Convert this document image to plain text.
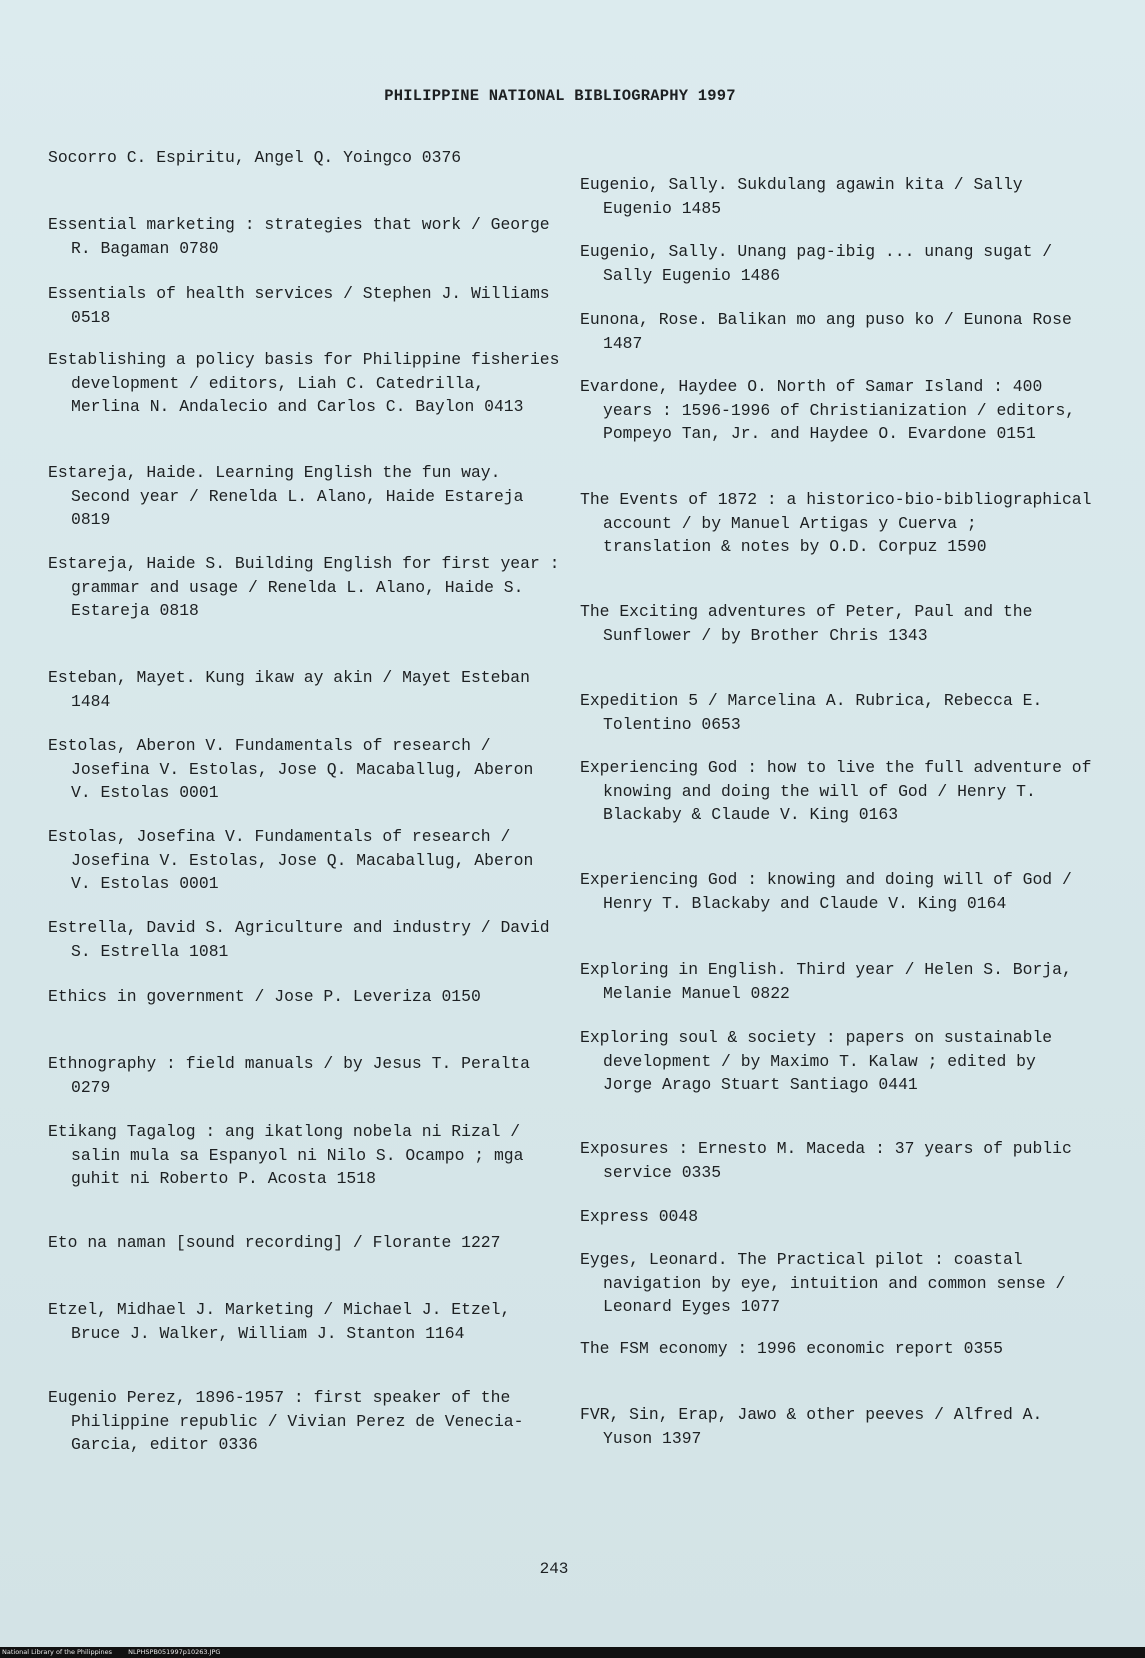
PHILIPPINE NATIONAL BIBLIOGRAPHY 1997
Socorro C. Espiritu, Angel Q. Yoingco 0376
Essential marketing : strategies that work / George R. Bagaman 0780
Essentials of health services / Stephen J. Williams 0518
Establishing a policy basis for Philippine fisheries development / editors, Liah C. Catedrilla, Merlina N. Andalecio and Carlos C. Baylon 0413
Estareja, Haide. Learning English the fun way. Second year / Renelda L. Alano, Haide Estareja 0819
Estareja, Haide S. Building English for first year : grammar and usage / Renelda L. Alano, Haide S. Estareja 0818
Esteban, Mayet. Kung ikaw ay akin / Mayet Esteban 1484
Estolas, Aberon V. Fundamentals of research / Josefina V. Estolas, Jose Q. Macaballug, Aberon V. Estolas 0001
Estolas, Josefina V. Fundamentals of research / Josefina V. Estolas, Jose Q. Macaballug, Aberon V. Estolas 0001
Estrella, David S. Agriculture and industry / David S. Estrella 1081
Ethics in government / Jose P. Leveriza 0150
Ethnography : field manuals / by Jesus T. Peralta 0279
Etikang Tagalog : ang ikatlong nobela ni Rizal / salin mula sa Espanyol ni Nilo S. Ocampo ; mga guhit ni Roberto P. Acosta 1518
Eto na naman [sound recording] / Florante 1227
Etzel, Midhael J. Marketing / Michael J. Etzel, Bruce J. Walker, William J. Stanton 1164
Eugenio Perez, 1896-1957 : first speaker of the Philippine republic / Vivian Perez de Venecia-Garcia, editor 0336
Eugenio, Sally. Sukdulang agawin kita / Sally Eugenio 1485
Eugenio, Sally. Unang pag-ibig ... unang sugat / Sally Eugenio 1486
Eunona, Rose. Balikan mo ang puso ko / Eunona Rose 1487
Evardone, Haydee O. North of Samar Island : 400 years : 1596-1996 of Christianization / editors, Pompeyo Tan, Jr. and Haydee O. Evardone 0151
The Events of 1872 : a historico-bio-bibliographical account / by Manuel Artigas y Cuerva ; translation & notes by O.D. Corpuz 1590
The Exciting adventures of Peter, Paul and the Sunflower / by Brother Chris 1343
Expedition 5 / Marcelina A. Rubrica, Rebecca E. Tolentino 0653
Experiencing God : how to live the full adventure of knowing and doing the will of God / Henry T. Blackaby & Claude V. King 0163
Experiencing God : knowing and doing will of God / Henry T. Blackaby and Claude V. King 0164
Exploring in English. Third year / Helen S. Borja, Melanie Manuel 0822
Exploring soul & society : papers on sustainable development / by Maximo T. Kalaw ; edited by Jorge Arago Stuart Santiago 0441
Exposures : Ernesto M. Maceda : 37 years of public service 0335
Express 0048
Eyges, Leonard. The Practical pilot : coastal navigation by eye, intuition and common sense / Leonard Eyges 1077
The FSM economy : 1996 economic report 0355
FVR, Sin, Erap, Jawo & other peeves / Alfred A. Yuson 1397
243
National Library of the Philippines NLPHSPB051997p10263.JPG
